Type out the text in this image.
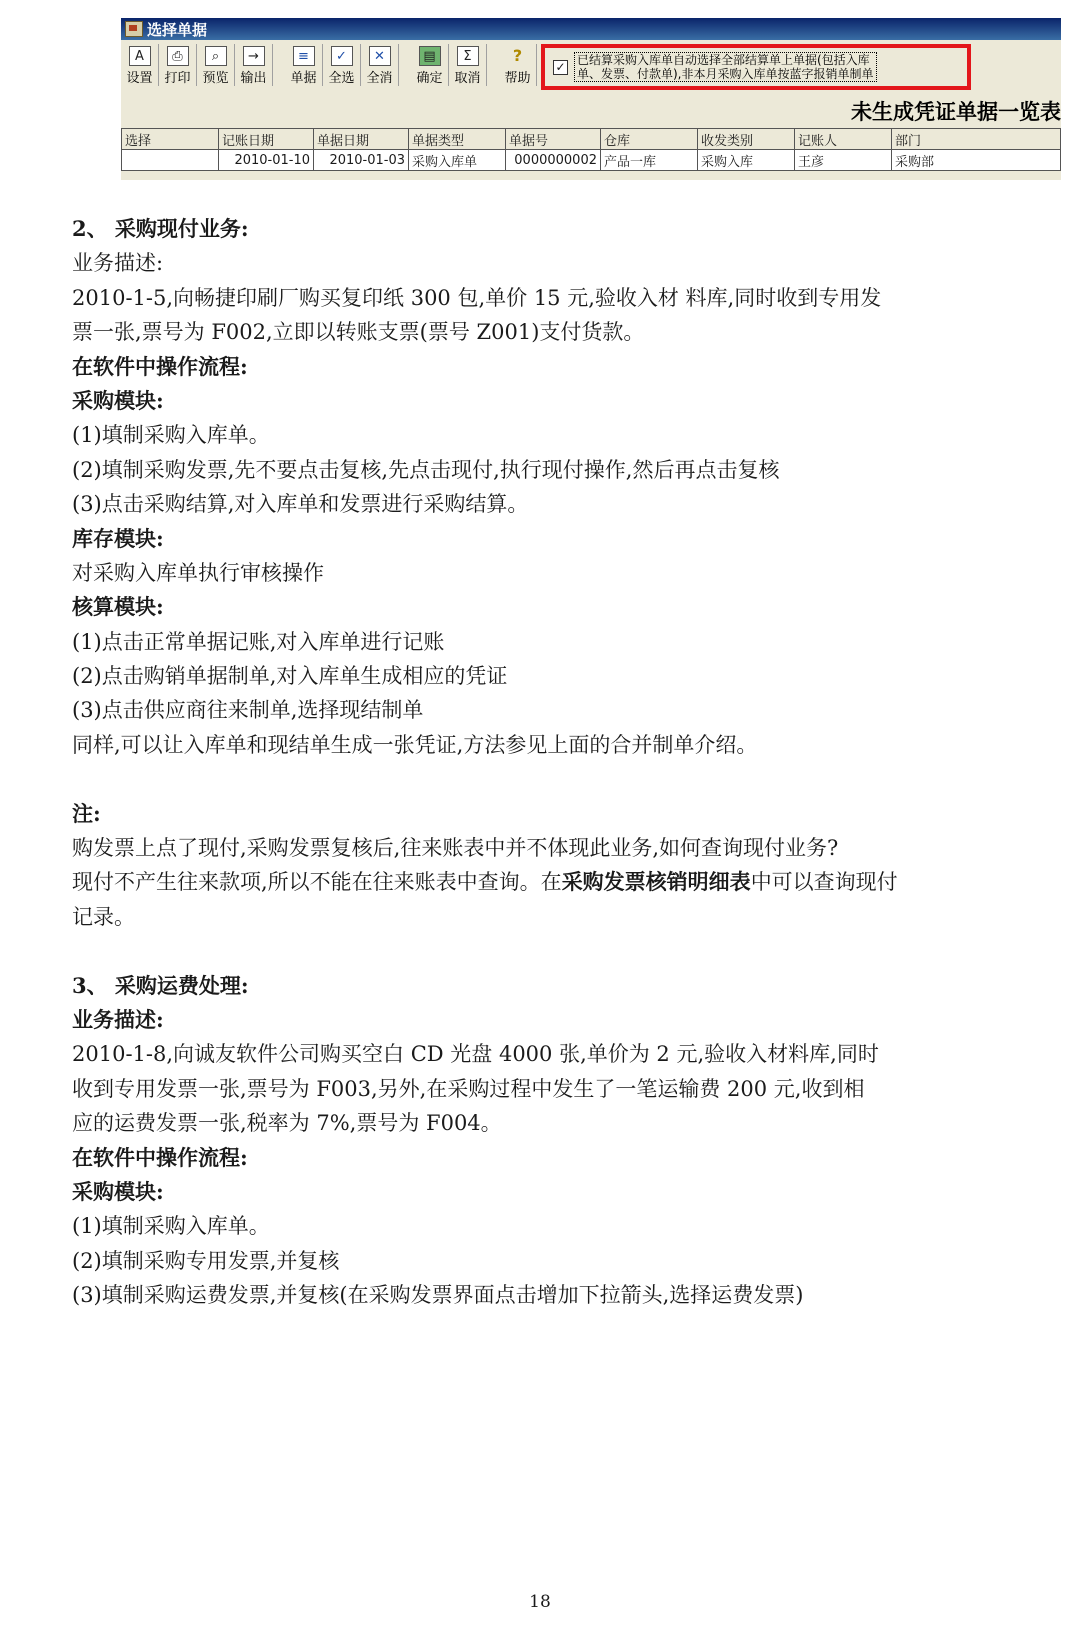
选择单据
A
设置
⎙
打印
⌕
预览
→
输出
≡
单据
✓
全选
✕
全消
▤
确定
Σ
取消
?
帮助
✓ 已结算采购入库单自动选择全部结算单上单据(包括入库
单、发票、付款单),非本月采购入库单按蓝字报销单制单
未生成凭证单据一览表
选择	记账日期	单据日期	单据类型	单据号	仓库	收发类别	记账人	部门
	2010-01-10	2010-01-03	采购入库单	0000000002	产品一库	采购入库	王彦	采购部
2、 采购现付业务:
业务描述:
2010-1-5,向畅捷印刷厂购买复印纸 300 包,单价 15 元,验收入材 料库,同时收到专用发
票一张,票号为 F002,立即以转账支票(票号 Z001)支付货款。
在软件中操作流程:
采购模块:
(1)填制采购入库单。
(2)填制采购发票,先不要点击复核,先点击现付,执行现付操作,然后再点击复核
(3)点击采购结算,对入库单和发票进行采购结算。
库存模块:
对采购入库单执行审核操作
核算模块:
(1)点击正常单据记账,对入库单进行记账
(2)点击购销单据制单,对入库单生成相应的凭证
(3)点击供应商往来制单,选择现结制单
同样,可以让入库单和现结单生成一张凭证,方法参见上面的合并制单介绍。
注:
购发票上点了现付,采购发票复核后,往来账表中并不体现此业务,如何查询现付业务?
现付不产生往来款项,所以不能在往来账表中查询。在采购发票核销明细表中可以查询现付
记录。
3、 采购运费处理:
业务描述:
2010-1-8,向诚友软件公司购买空白 CD 光盘 4000 张,单价为 2 元,验收入材料库,同时
收到专用发票一张,票号为 F003,另外,在采购过程中发生了一笔运输费 200 元,收到相
应的运费发票一张,税率为 7%,票号为 F004。
在软件中操作流程:
采购模块:
(1)填制采购入库单。
(2)填制采购专用发票,并复核
(3)填制采购运费发票,并复核(在采购发票界面点击增加下拉箭头,选择运费发票)
18
